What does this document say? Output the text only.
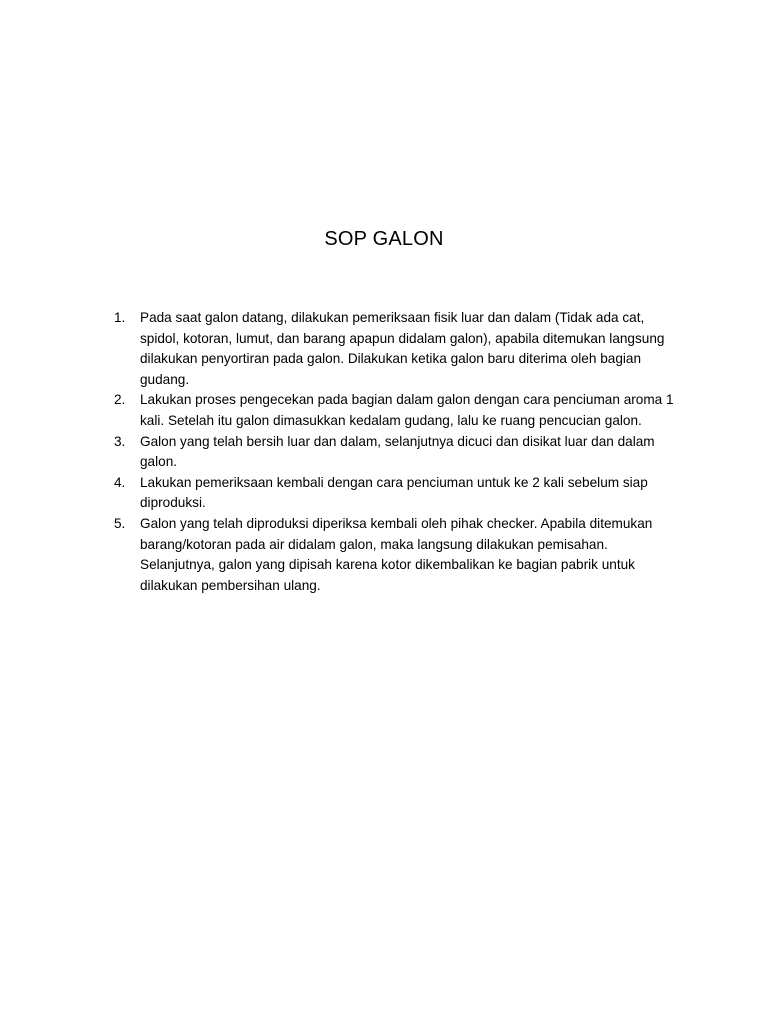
SOP GALON
1. Pada saat galon datang, dilakukan pemeriksaan fisik luar dan dalam (Tidak ada cat, spidol, kotoran, lumut, dan barang apapun didalam galon), apabila ditemukan langsung dilakukan penyortiran pada galon. Dilakukan ketika galon baru diterima oleh bagian gudang.
2. Lakukan proses pengecekan pada bagian dalam galon dengan cara penciuman aroma 1 kali. Setelah itu galon dimasukkan kedalam gudang, lalu ke ruang pencucian galon.
3. Galon yang telah bersih luar dan dalam, selanjutnya dicuci dan disikat luar dan dalam galon.
4. Lakukan pemeriksaan kembali dengan cara penciuman untuk ke 2 kali sebelum siap diproduksi.
5. Galon yang telah diproduksi diperiksa kembali oleh pihak checker. Apabila ditemukan barang/kotoran pada air didalam galon, maka langsung dilakukan pemisahan. Selanjutnya, galon yang dipisah karena kotor dikembalikan ke bagian pabrik untuk dilakukan pembersihan ulang.
